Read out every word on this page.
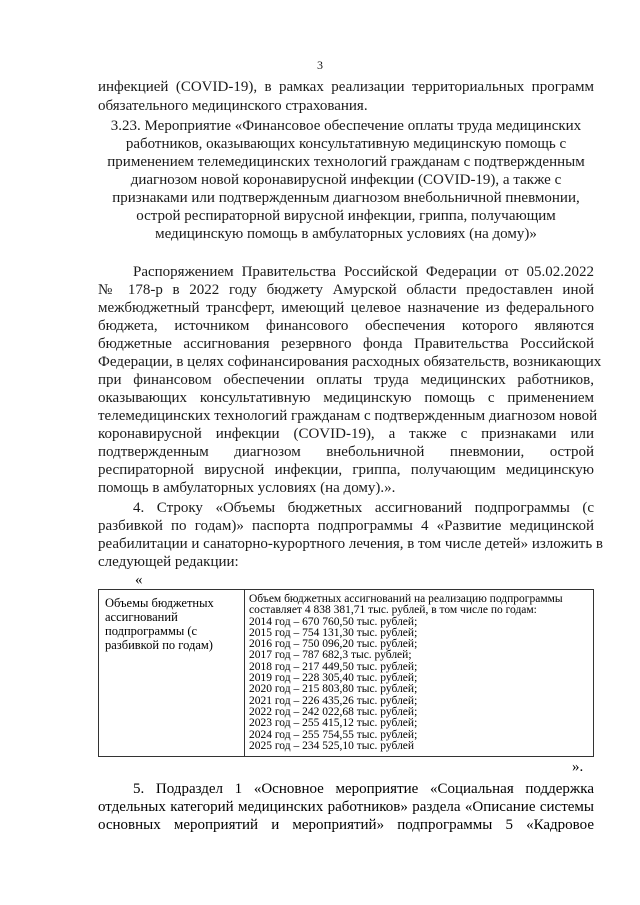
3
инфекцией (COVID-19), в рамках реализации территориальных программ
обязательного медицинского страхования.
3.23. Мероприятие «Финансовое обеспечение оплаты труда медицинских
работников, оказывающих консультативную медицинскую помощь с
применением телемедицинских технологий гражданам с подтвержденным
диагнозом новой коронавирусной инфекции (COVID-19), а также с
признаками или подтвержденным диагнозом внебольничной пневмонии,
острой респираторной вирусной инфекции, гриппа, получающим
медицинскую помощь в амбулаторных условиях (на дому)»
Распоряжением Правительства Российской Федерации от 05.02.2022
№ 178-р в 2022 году бюджету Амурской области предоставлен иной
межбюджетный трансферт, имеющий целевое назначение из федерального
бюджета, источником финансового обеспечения которого являются
бюджетные ассигнования резервного фонда Правительства Российской
Федерации, в целях софинансирования расходных обязательств, возникающих
при финансовом обеспечении оплаты труда медицинских работников,
оказывающих консультативную медицинскую помощь с применением
телемедицинских технологий гражданам с подтвержденным диагнозом новой
коронавирусной инфекции (COVID-19), а также с признаками или
подтвержденным диагнозом внебольничной пневмонии, острой
респираторной вирусной инфекции, гриппа, получающим медицинскую
помощь в амбулаторных условиях (на дому).».
4. Строку «Объемы бюджетных ассигнований подпрограммы (с
разбивкой по годам)» паспорта подпрограммы 4 «Развитие медицинской
реабилитации и санаторно-курортного лечения, в том числе детей» изложить в
следующей редакции:
«
Объемы бюджетных
ассигнований
подпрограммы (с
разбивкой по годам)
Объем бюджетных ассигнований на реализацию подпрограммы
составляет 4 838 381,71 тыс. рублей, в том числе по годам:
2014 год – 670 760,50 тыс. рублей;
2015 год – 754 131,30 тыс. рублей;
2016 год – 750 096,20 тыс. рублей;
2017 год – 787 682,3 тыс. рублей;
2018 год – 217 449,50 тыс. рублей;
2019 год – 228 305,40 тыс. рублей;
2020 год – 215 803,80 тыс. рублей;
2021 год – 226 435,26 тыс. рублей;
2022 год – 242 022,68 тыс. рублей;
2023 год – 255 415,12 тыс. рублей;
2024 год – 255 754,55 тыс. рублей;
2025 год – 234 525,10 тыс. рублей
».
5. Подраздел 1 «Основное мероприятие «Социальная поддержка
отдельных категорий медицинских работников» раздела «Описание системы
основных мероприятий и мероприятий» подпрограммы 5 «Кадровое
